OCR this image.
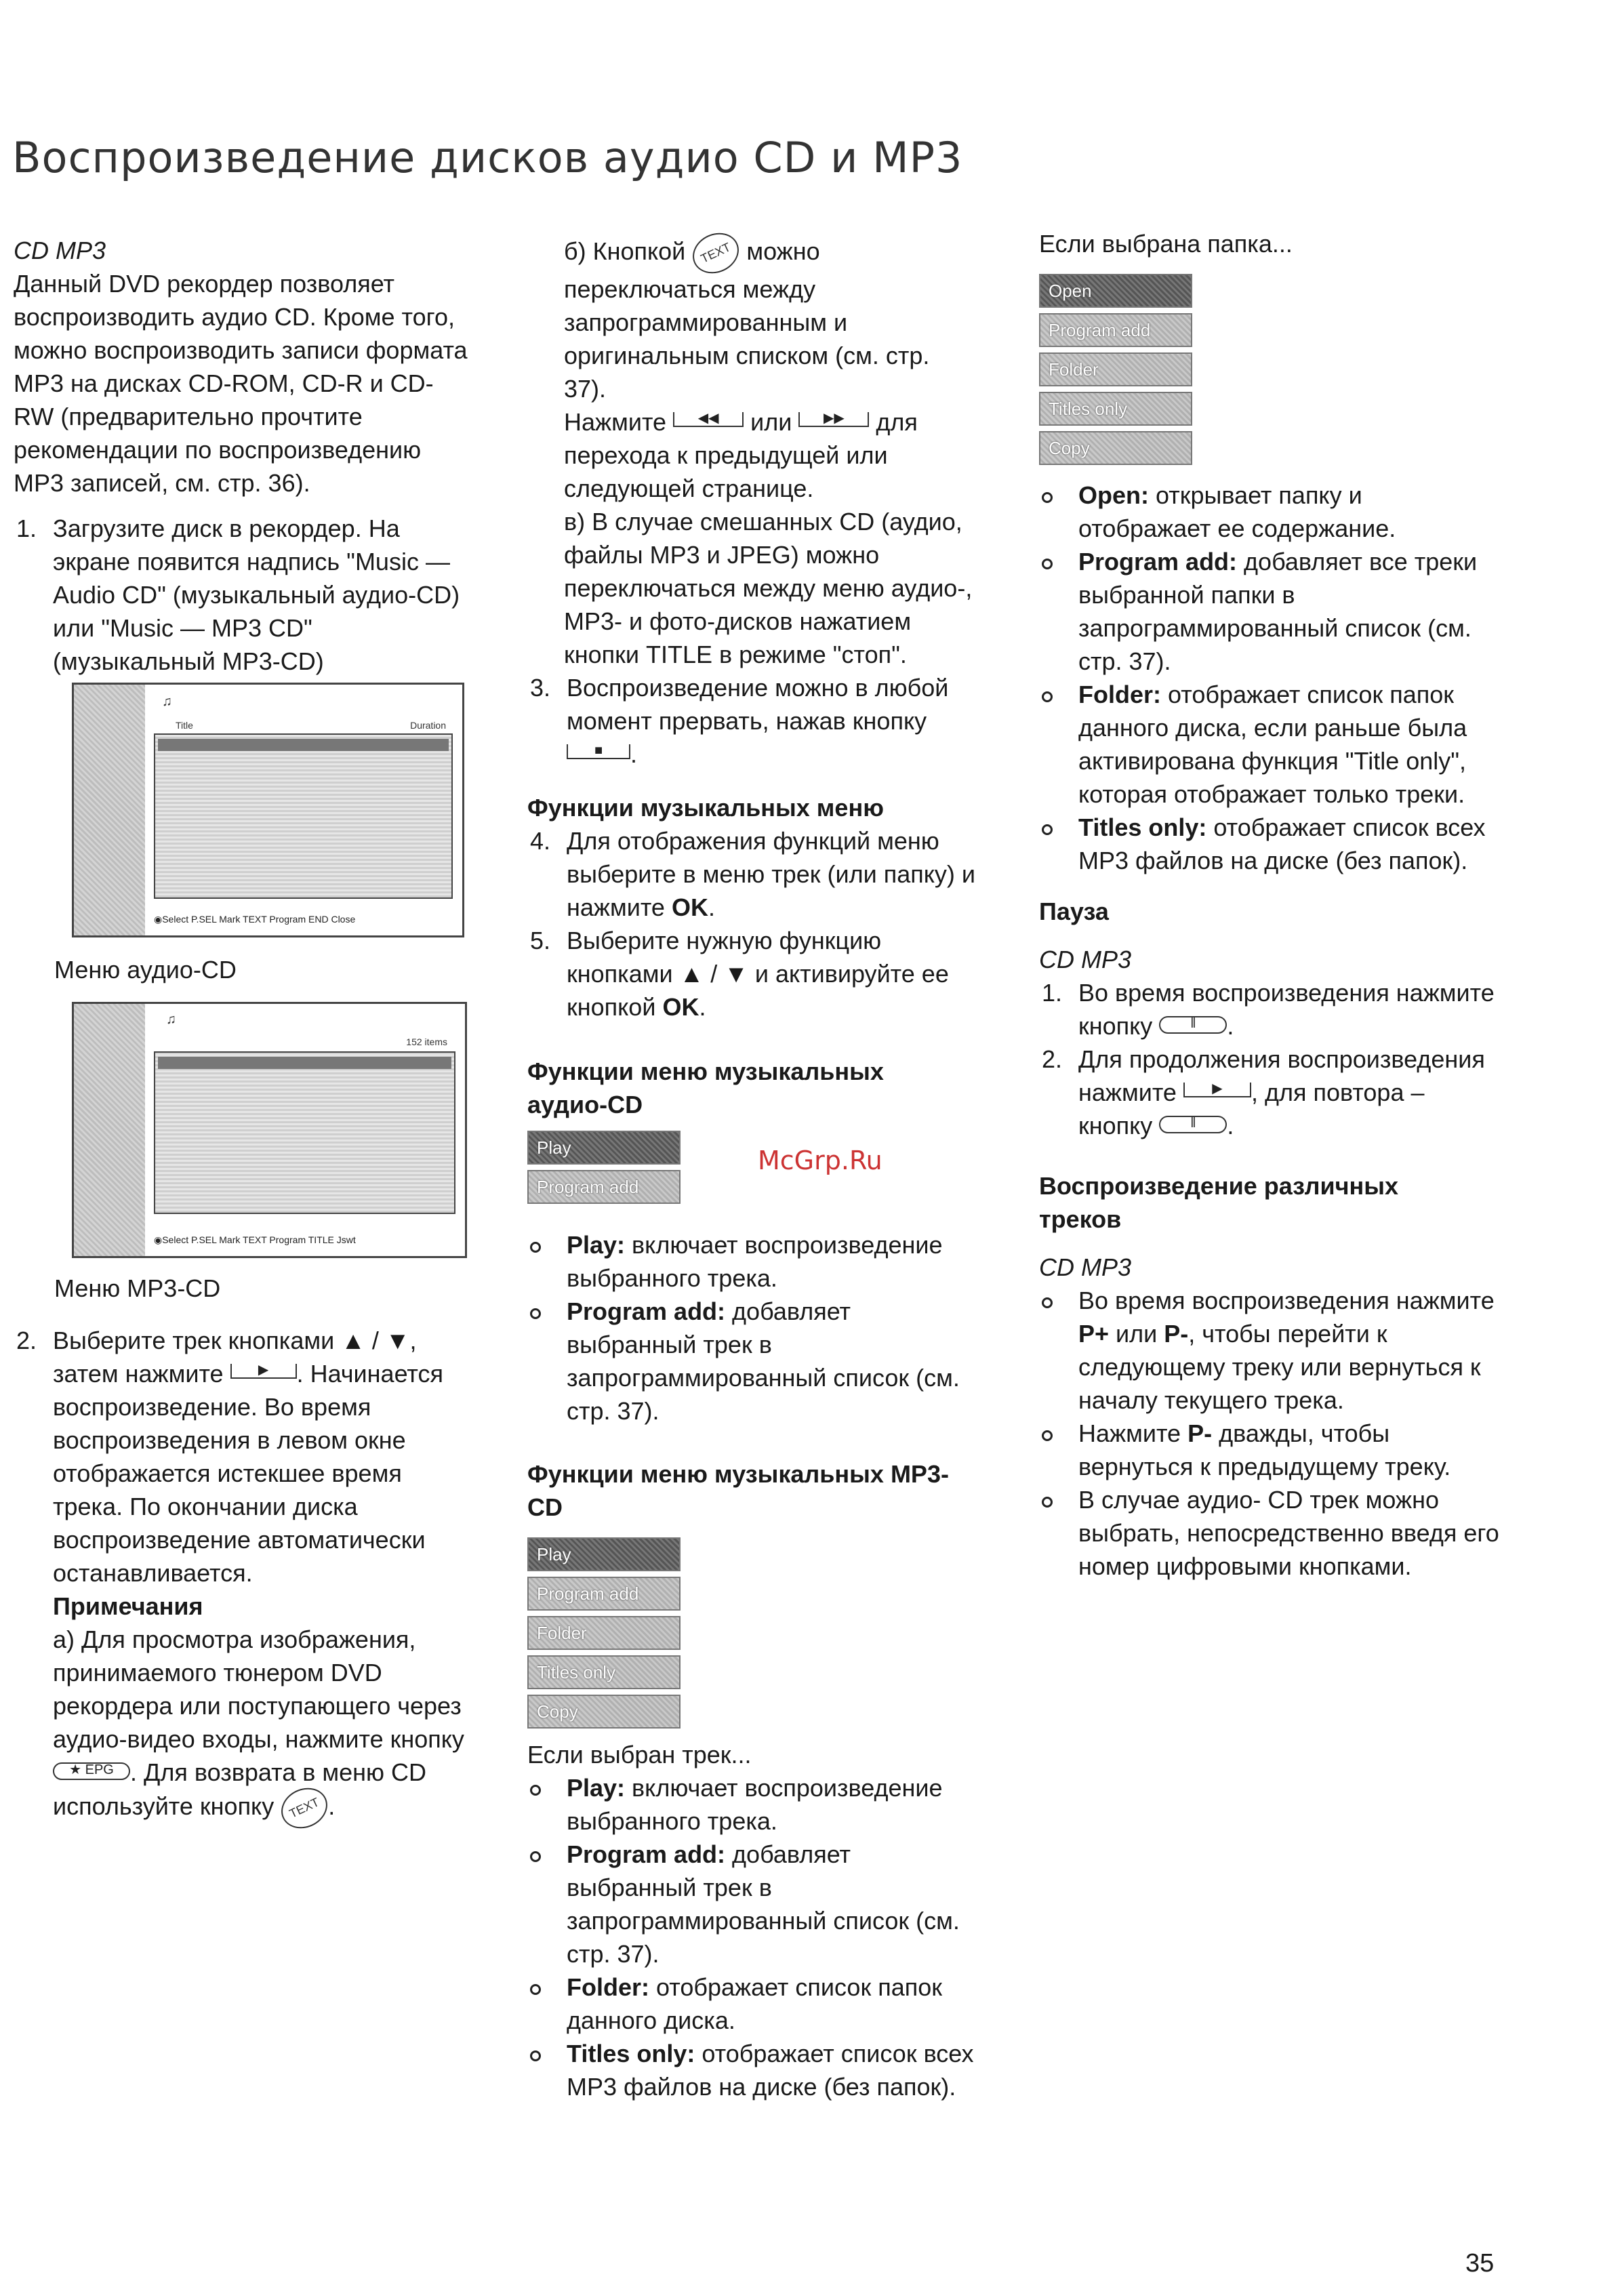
Воспроизведение дисков аудио CD и MP3

CD MP3

Данный DVD рекордер позволяет воспроизводить аудио CD. Кроме того, можно воспроизводить записи формата MP3 на дисках CD-ROM, CD-R и CD-RW (предварительно прочтите рекомендации по воспроизведению MP3 записей, см. стр. 36).

1. Загрузите диск в рекордер. На экране появится надпись "Music — Audio CD" (музыкальный аудио-CD) или "Music — MP3 CD" (музыкальный MP3-CD)
♫
Title	Duration
◉Select P.SEL Mark TEXT Program END Close
Меню аудио-CD
♫
152 items
◉Select P.SEL Mark TEXT Program TITLE Jswt
Меню MP3-CD
2. Выберите трек кнопками ▲ / ▼,
затем нажмите	▶ . Начинается воспроизведение. Во время воспроизведения в левом окне отображается истекшее время трека. По окончании диска воспроизведение автоматически останавливается.
Примечания
а) Для просмотра изображения, принимаемого тюнером DVD рекордера или поступающего через аудио-видео входы, нажмите кнопку ★ EPG . Для возврата в меню CD используйте кнопку TEXT .
б) Кнопкой TEXT можно переключаться между запрограммированным и оригинальным списком (см. стр. 37).
Нажмите ◀◀ или ▶▶ для перехода к предыдущей или следующей странице.
в) В случае смешанных CD (аудио, файлы MP3 и JPEG) можно переключаться между меню аудио-, MP3- и фото-дисков нажатием кнопки TITLE в режиме "стоп".
3. Воспроизведение можно в любой момент прервать, нажав кнопку ■ .
Функции музыкальных меню
4. Для отображения функций меню выберите в меню трек (или папку) и нажмите OK.
5. Выберите нужную функцию кнопками ▲ / ▼ и активируйте ее кнопкой OK.
Функции меню музыкальных аудио-CD
Play
Program add
Play: включает воспроизведение выбранного трека.
Program add: добавляет выбранный трек в запрограммированный список (см. стр. 37).
Функции меню музыкальных MP3-CD
Play
Program add
Folder
Titles only
Copy

Если выбран трек...

Play: включает воспроизведение выбранного трека.
Program add: добавляет выбранный трек в запрограммированный список (см. стр. 37).
Folder: отображает список папок данного диска.
Titles only: отображает список всех MP3 файлов на диске (без папок).

Если выбрана папка...

Open
Program add
Folder
Titles only
Copy
Open: открывает папку и отображает ее содержание.
Program add: добавляет все треки выбранной папки в запрограммированный список (см. стр. 37).
Folder: отображает список папок данного диска, если раньше была активирована функция "Title only", которая отображает только треки.
Titles only: отображает список всех MP3 файлов на диске (без папок).
Пауза

CD MP3

1. Во время воспроизведения нажмите кнопку	‖ .
2. Для продолжения воспроизведения нажмите	▶ , для повтора – кнопку	‖ .
Воспроизведение различных треков

CD MP3

Во время воспроизведения нажмите P+ или P-, чтобы перейти к следующему треку или вернуться к началу текущего трека.
Нажмите P- дважды, чтобы вернуться к предыдущему треку.
В случае аудио- CD трек можно выбрать, непосредственно введя его номер цифровыми кнопками.
McGrp.Ru
35
